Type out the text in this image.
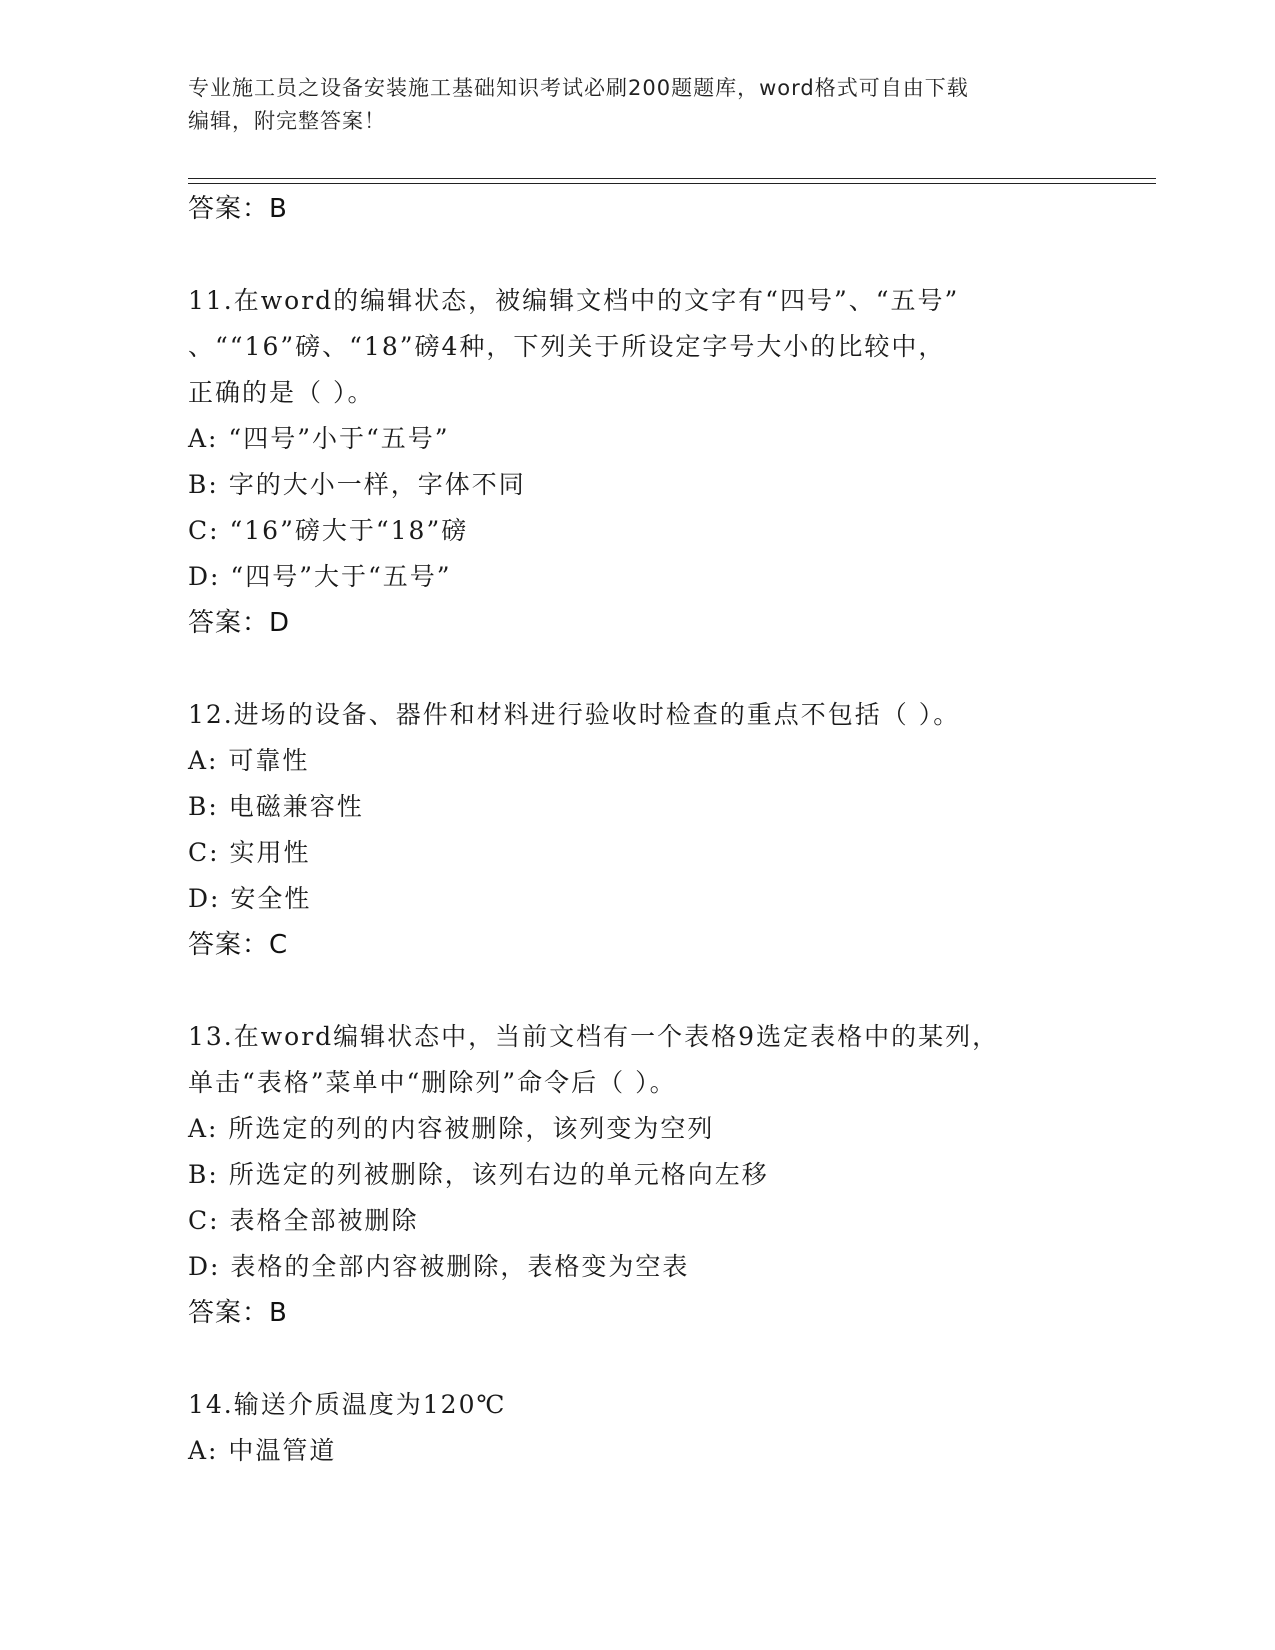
专业施工员之设备安装施工基础知识考试必刷200题题库，word格式可自由下载
编辑，附完整答案！
答案：B
11.在word的编辑状态，被编辑文档中的文字有“四号”、“五号”
、““16”磅、“18”磅4种，下列关于所设定字号大小的比较中，
正确的是（ ）。
A: “四号”小于“五号”
B: 字的大小一样，字体不同
C: “16”磅大于“18”磅
D: “四号”大于“五号”
答案：D
12.进场的设备、器件和材料进行验收时检查的重点不包括（ ）。
A: 可靠性
B: 电磁兼容性
C: 实用性
D: 安全性
答案：C
13.在word编辑状态中，当前文档有一个表格9选定表格中的某列，
单击“表格”菜单中“删除列”命令后（ ）。
A: 所选定的列的内容被删除，该列变为空列
B: 所选定的列被删除，该列右边的单元格向左移
C: 表格全部被删除
D: 表格的全部内容被删除，表格变为空表
答案：B
14.输送介质温度为120℃
A: 中温管道
